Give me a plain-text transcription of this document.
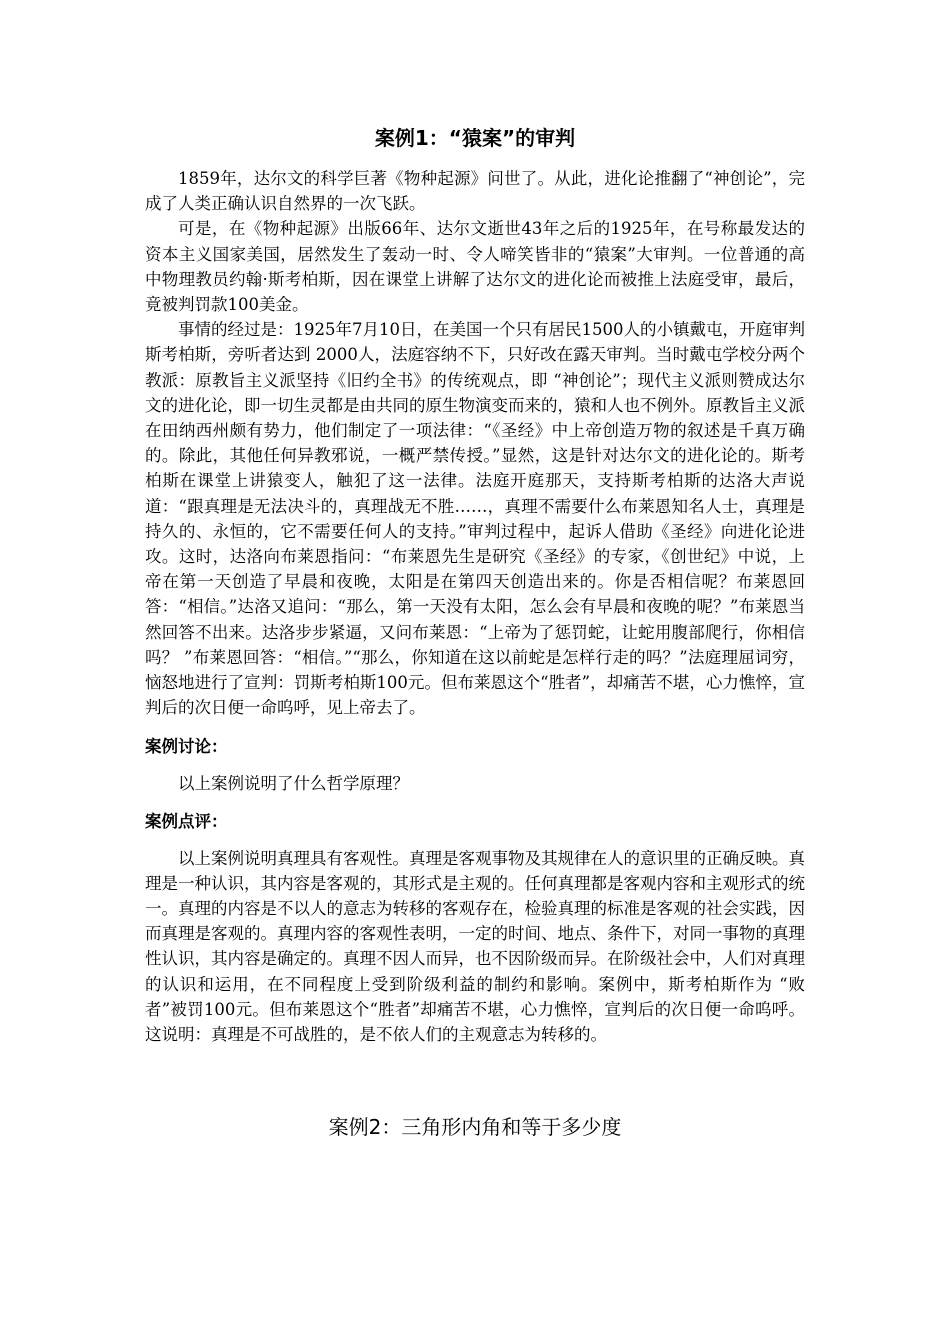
案例1：“猿案”的审判

1859年，达尔文的科学巨著《物种起源》问世了。从此，进化论推翻了“神创论”，完成了人类正确认识自然界的一次飞跃。

可是，在《物种起源》出版66年、达尔文逝世43年之后的1925年，在号称最发达的资本主义国家美国，居然发生了轰动一时、令人啼笑皆非的“猿案”大审判。一位普通的高中物理教员约翰·斯考柏斯，因在课堂上讲解了达尔文的进化论而被推上法庭受审，最后，竟被判罚款100美金。

事情的经过是：1925年7月10日，在美国一个只有居民1500人的小镇戴屯，开庭审判斯考柏斯，旁听者达到 2000人，法庭容纳不下，只好改在露天审判。当时戴屯学校分两个教派：原教旨主义派坚持《旧约全书》的传统观点，即 “神创论”；现代主义派则赞成达尔文的进化论，即一切生灵都是由共同的原生物演变而来的，猿和人也不例外。原教旨主义派在田纳西州颇有势力，他们制定了一项法律：“《圣经》中上帝创造万物的叙述是千真万确的。除此，其他任何异教邪说，一概严禁传授。”显然，这是针对达尔文的进化论的。斯考柏斯在课堂上讲猿变人，触犯了这一法律。法庭开庭那天，支持斯考柏斯的达洛大声说道：“跟真理是无法决斗的，真理战无不胜……，真理不需要什么布莱恩知名人士，真理是持久的、永恒的，它不需要任何人的支持。”审判过程中，起诉人借助《圣经》向进化论进攻。这时，达洛向布莱恩指问：“布莱恩先生是研究《圣经》的专家，《创世纪》中说，上帝在第一天创造了早晨和夜晚，太阳是在第四天创造出来的。你是否相信呢？布莱恩回答：“相信。”达洛又追问：“那么，第一天没有太阳，怎么会有早晨和夜晚的呢？”布莱恩当然回答不出来。达洛步步紧逼，又问布莱恩：“上帝为了惩罚蛇，让蛇用腹部爬行，你相信吗？ ”布莱恩回答：“相信。”“那么，你知道在这以前蛇是怎样行走的吗？”法庭理屈词穷，恼怒地进行了宣判：罚斯考柏斯100元。但布莱恩这个“胜者”，却痛苦不堪，心力憔悴，宣判后的次日便一命呜呼，见上帝去了。

案例讨论：

以上案例说明了什么哲学原理？

案例点评：

以上案例说明真理具有客观性。真理是客观事物及其规律在人的意识里的正确反映。真理是一种认识，其内容是客观的，其形式是主观的。任何真理都是客观内容和主观形式的统一。真理的内容是不以人的意志为转移的客观存在，检验真理的标准是客观的社会实践，因而真理是客观的。真理内容的客观性表明，一定的时间、地点、条件下，对同一事物的真理性认识，其内容是确定的。真理不因人而异，也不因阶级而异。在阶级社会中，人们对真理的认识和运用，在不同程度上受到阶级利益的制约和影响。案例中，斯考柏斯作为 “败者”被罚100元。但布莱恩这个“胜者”却痛苦不堪，心力憔悴，宣判后的次日便一命呜呼。这说明：真理是不可战胜的，是不依人们的主观意志为转移的。

案例2：三角形内角和等于多少度
